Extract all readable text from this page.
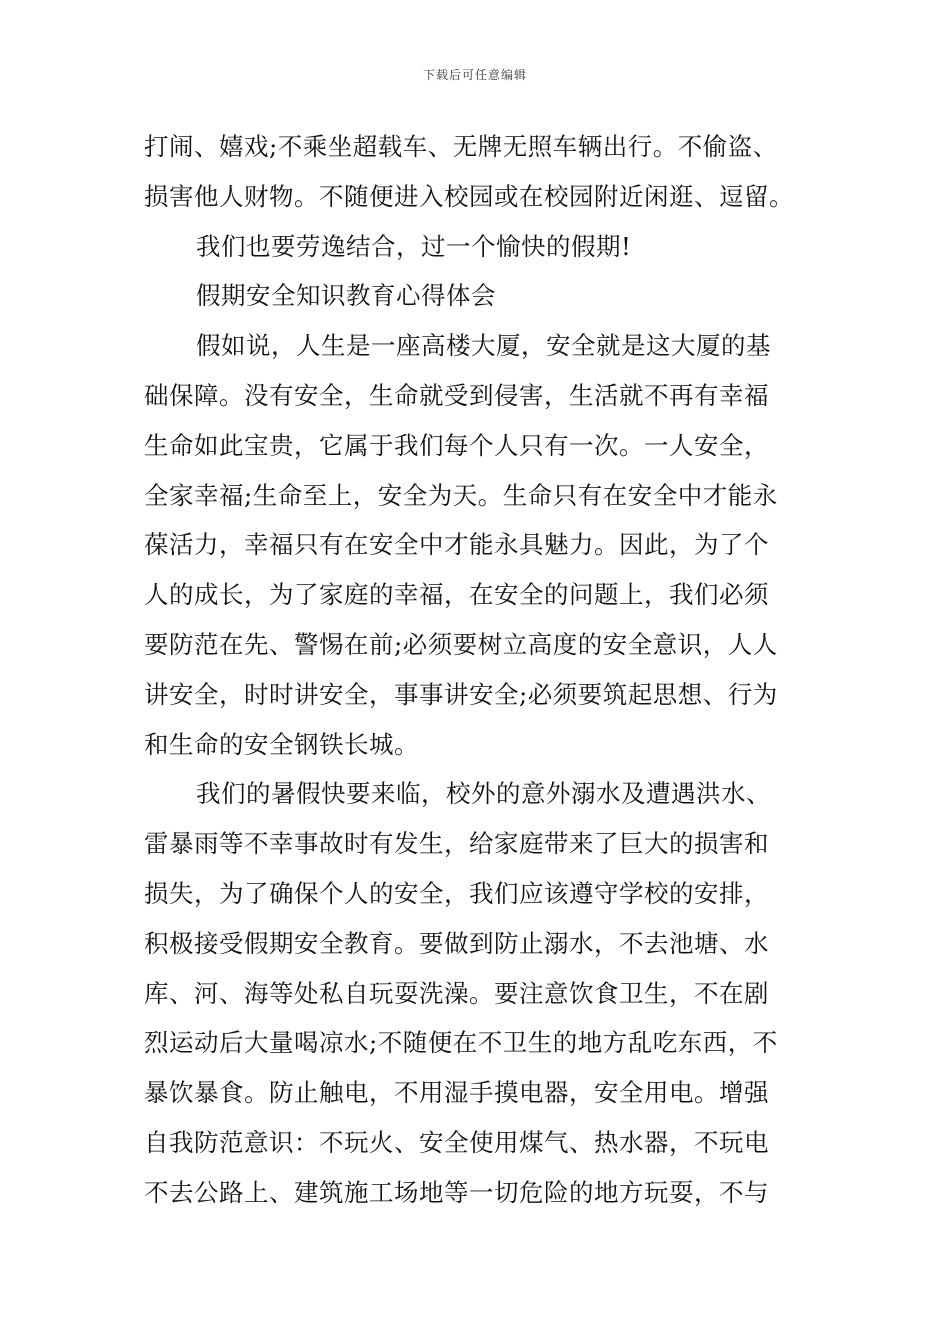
下载后可任意编辑
打闹、嬉戏;不乘坐超载车、无牌无照车辆出行。不偷盗、
损害他人财物。不随便进入校园或在校园附近闲逛、逗留。
我们也要劳逸结合，过一个愉快的假期!
假期安全知识教育心得体会
假如说，人生是一座高楼大厦，安全就是这大厦的基
础保障。没有安全，生命就受到侵害，生活就不再有幸福
生命如此宝贵，它属于我们每个人只有一次。一人安全，
全家幸福;生命至上，安全为天。生命只有在安全中才能永
葆活力，幸福只有在安全中才能永具魅力。因此，为了个
人的成长，为了家庭的幸福，在安全的问题上，我们必须
要防范在先、警惕在前;必须要树立高度的安全意识，人人
讲安全，时时讲安全，事事讲安全;必须要筑起思想、行为
和生命的安全钢铁长城。
我们的暑假快要来临，校外的意外溺水及遭遇洪水、
雷暴雨等不幸事故时有发生，给家庭带来了巨大的损害和
损失，为了确保个人的安全，我们应该遵守学校的安排，
积极接受假期安全教育。要做到防止溺水，不去池塘、水
库、河、海等处私自玩耍洗澡。要注意饮食卫生，不在剧
烈运动后大量喝凉水;不随便在不卫生的地方乱吃东西，不
暴饮暴食。防止触电，不用湿手摸电器，安全用电。增强
自我防范意识：不玩火、安全使用煤气、热水器，不玩电
不去公路上、建筑施工场地等一切危险的地方玩耍，不与
